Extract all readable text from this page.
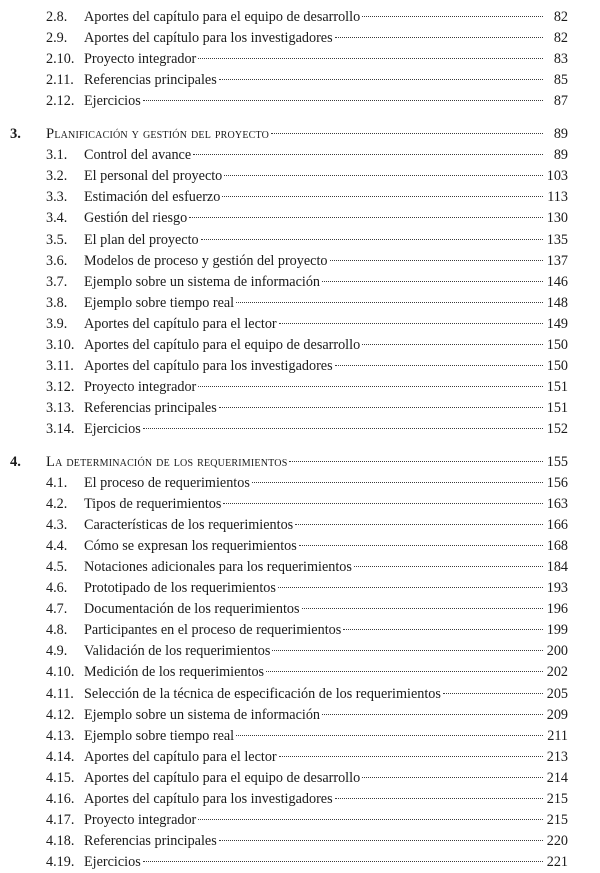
2.8. Aportes del capítulo para el equipo de desarrollo	82
2.9. Aportes del capítulo para los investigadores	82
2.10. Proyecto integrador	83
2.11. Referencias principales	85
2.12. Ejercicios	87
3. Planificación y gestión del proyecto	89
3.1. Control del avance	89
3.2. El personal del proyecto	103
3.3. Estimación del esfuerzo	113
3.4. Gestión del riesgo	130
3.5. El plan del proyecto	135
3.6. Modelos de proceso y gestión del proyecto	137
3.7. Ejemplo sobre un sistema de información	146
3.8. Ejemplo sobre tiempo real	148
3.9. Aportes del capítulo para el lector	149
3.10. Aportes del capítulo para el equipo de desarrollo	150
3.11. Aportes del capítulo para los investigadores	150
3.12. Proyecto integrador	151
3.13. Referencias principales	151
3.14. Ejercicios	152
4. La determinación de los requerimientos	155
4.1. El proceso de requerimientos	156
4.2. Tipos de requerimientos	163
4.3. Características de los requerimientos	166
4.4. Cómo se expresan los requerimientos	168
4.5. Notaciones adicionales para los requerimientos	184
4.6. Prototipado de los requerimientos	193
4.7. Documentación de los requerimientos	196
4.8. Participantes en el proceso de requerimientos	199
4.9. Validación de los requerimientos	200
4.10. Medición de los requerimientos	202
4.11. Selección de la técnica de especificación de los requerimientos	205
4.12. Ejemplo sobre un sistema de información	209
4.13. Ejemplo sobre tiempo real	211
4.14. Aportes del capítulo para el lector	213
4.15. Aportes del capítulo para el equipo de desarrollo	214
4.16. Aportes del capítulo para los investigadores	215
4.17. Proyecto integrador	215
4.18. Referencias principales	220
4.19. Ejercicios	221
